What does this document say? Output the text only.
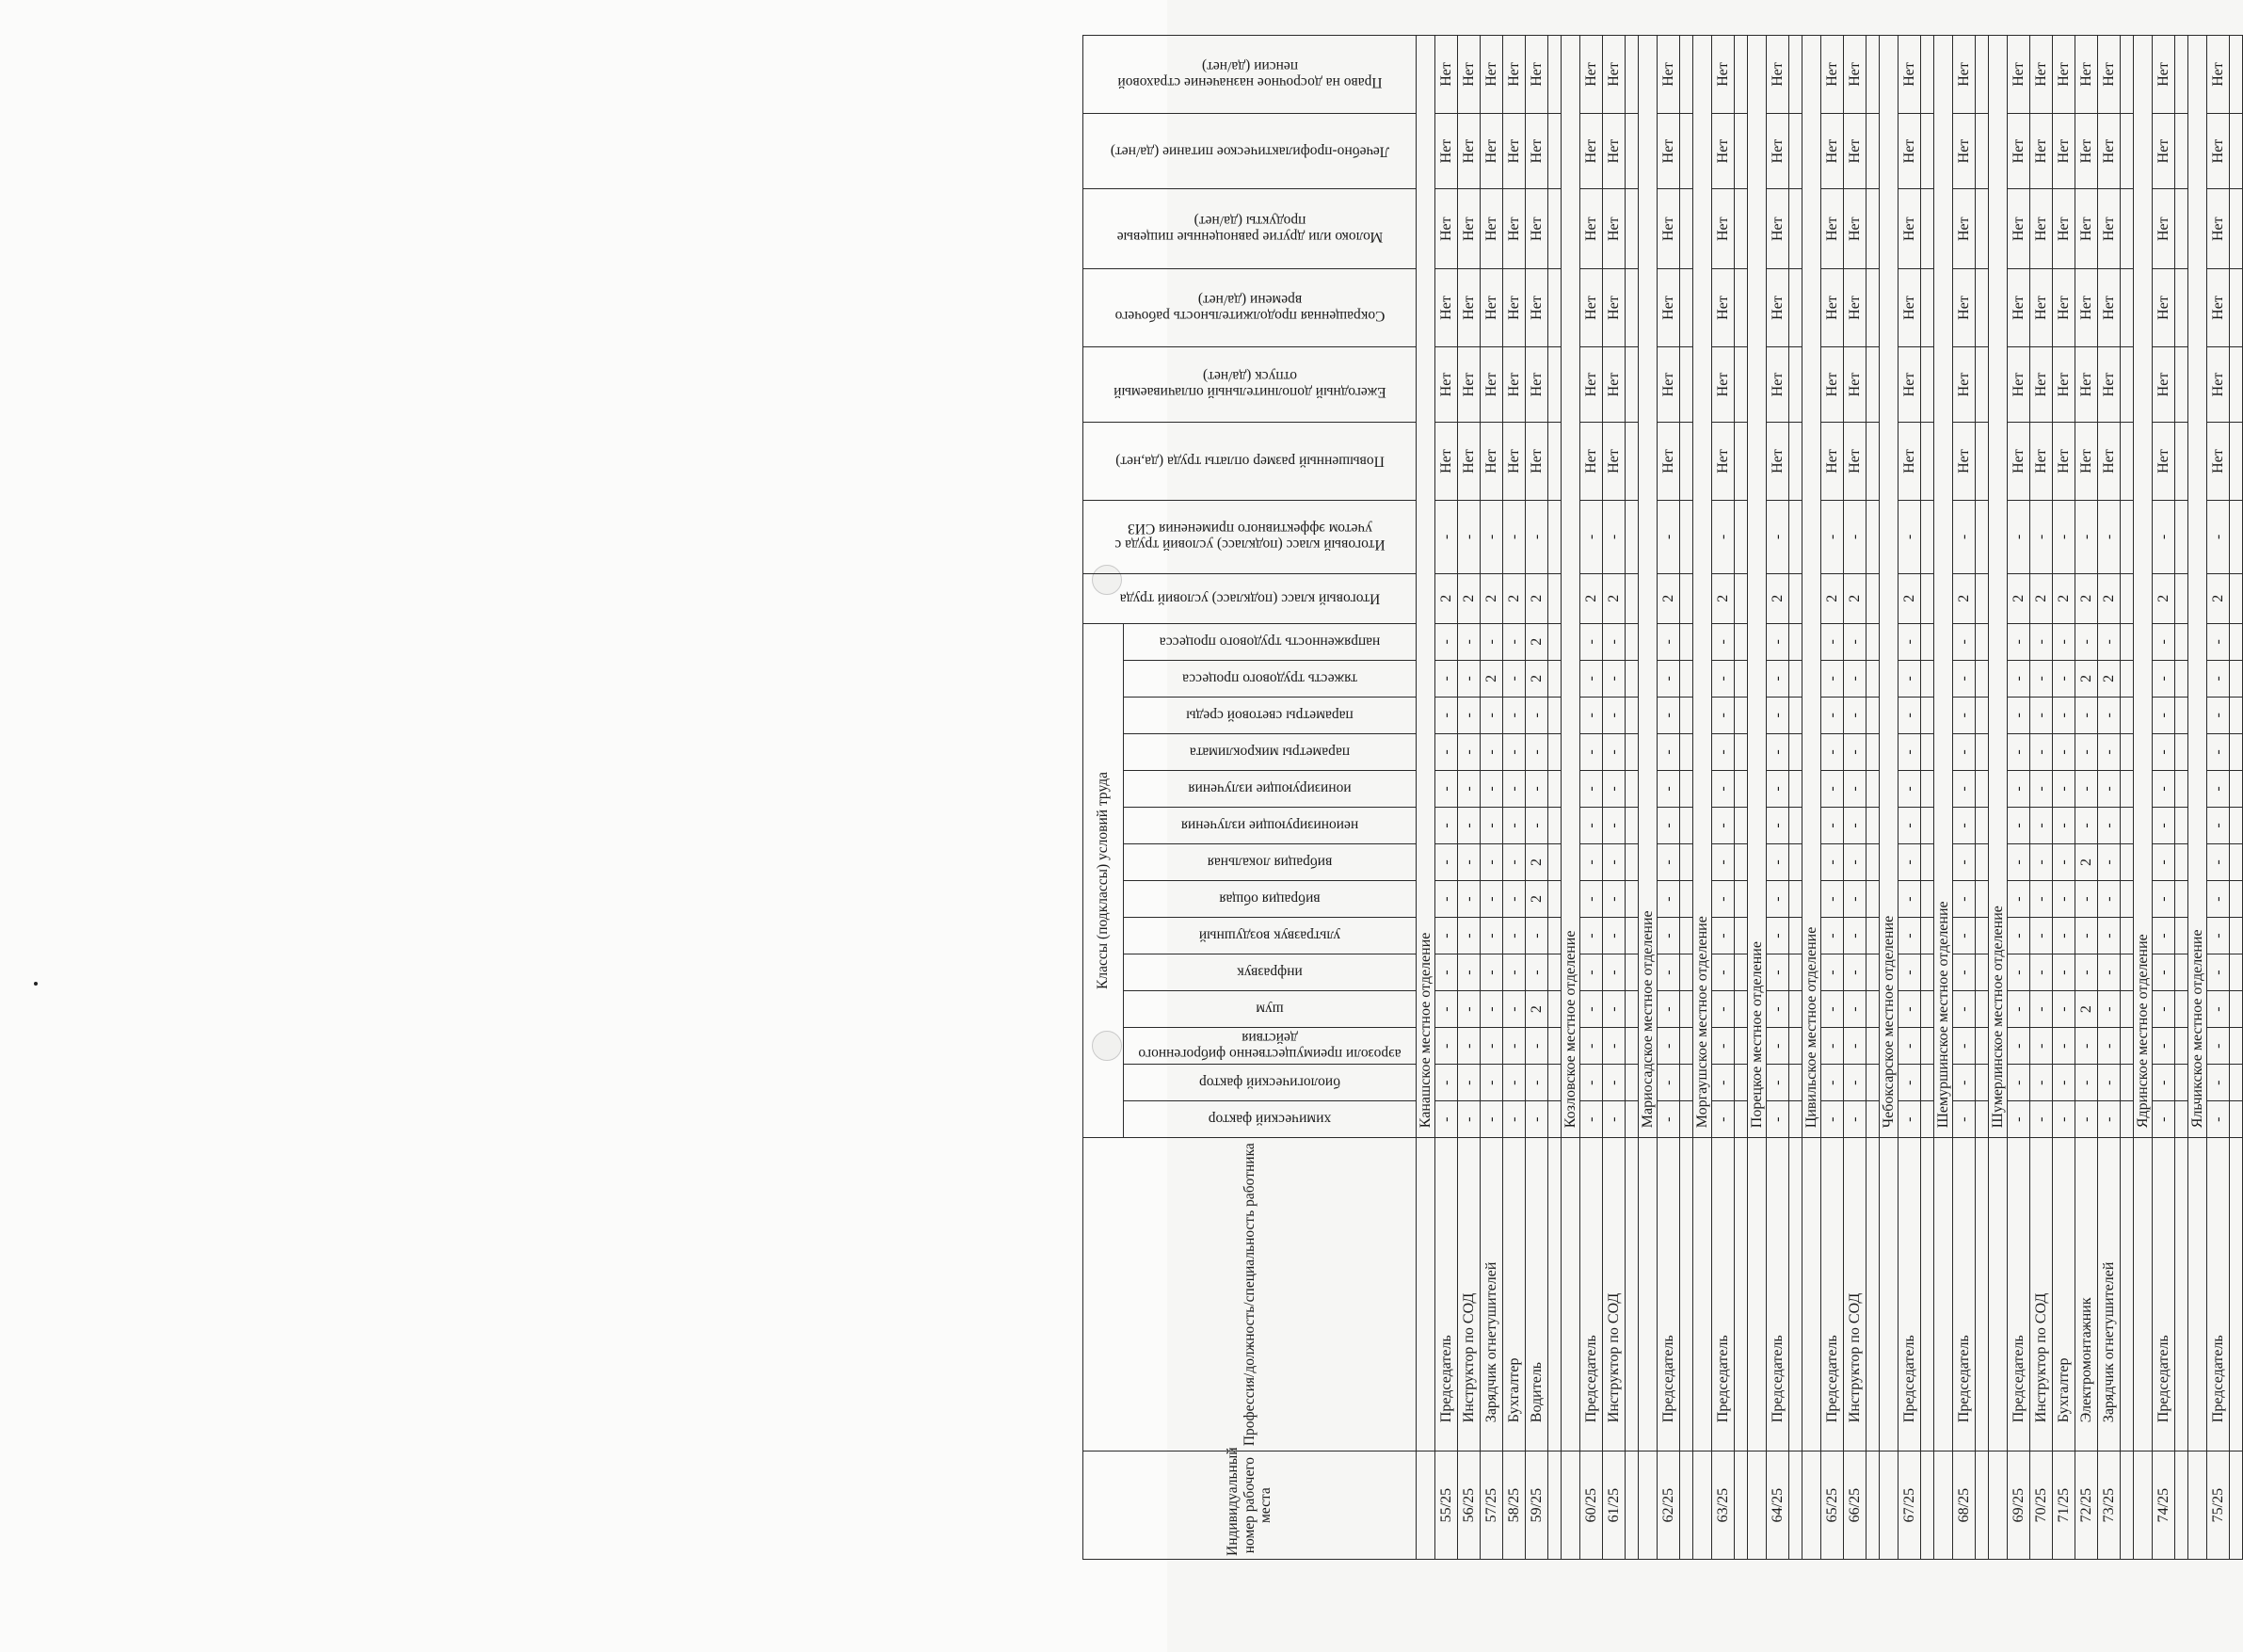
Индивидуальный номер рабочего места	Профессия/должность/специальность работника	Классы (подклассы) условий труда														Итоговый класс (подкласс) условий труда	Итоговый класс (подкласс) условий труда с учетом эффективного применения СИЗ	Повышенный размер оплаты труда (да,нет)	Ежегодный дополнительный оплачиваемый отпуск (да/нет)	Сокращенная продолжительность рабочего времени (да/нет)	Молоко или другие равноценные пищевые продукты (да/нет)	Лечебно-профилактическое питание (да/нет)	Право на досрочное назначение страховой пенсии (да/нет)

		химический фактор	биологический фактор	аэрозоли преимущественно фиброгенного действия	шум	инфразвук	ультразвук воздушный	вибрация общая	вибрация локальная	неионизирующие излучения	ионизирующие излучения	параметры микроклимата	параметры световой среды	тяжесть трудового процесса	напряженность трудового процесса								

		Канашское местное отделение																					
55/25	Председатель	-	-	-	-	-	-	-	-	-	-	-	-	-	-	2	-	Нет	Нет	Нет	Нет	Нет	Нет
56/25	Инструктор по СОД	-	-	-	-	-	-	-	-	-	-	-	-	-	-	2	-	Нет	Нет	Нет	Нет	Нет	Нет
57/25	Зарядчик огнетушителей	-	-	-	-	-	-	-	-	-	-	-	-	2	-	2	-	Нет	Нет	Нет	Нет	Нет	Нет
58/25	Бухгалтер	-	-	-	-	-	-	-	-	-	-	-	-	-	-	2	-	Нет	Нет	Нет	Нет	Нет	Нет
59/25	Водитель	-	-	-	2	-	-	2	2	-	-	-	-	2	2	2	-	Нет	Нет	Нет	Нет	Нет	Нет

		Козловское местное отделение																					
60/25	Председатель	-	-	-	-	-	-	-	-	-	-	-	-	-	-	2	-	Нет	Нет	Нет	Нет	Нет	Нет
61/25	Инструктор по СОД	-	-	-	-	-	-	-	-	-	-	-	-	-	-	2	-	Нет	Нет	Нет	Нет	Нет	Нет

		Мариосадское местное отделение																					
62/25	Председатель	-	-	-	-	-	-	-	-	-	-	-	-	-	-	2	-	Нет	Нет	Нет	Нет	Нет	Нет

		Моргаушское местное отделение																					
63/25	Председатель	-	-	-	-	-	-	-	-	-	-	-	-	-	-	2	-	Нет	Нет	Нет	Нет	Нет	Нет

		Порецкое местное отделение																					
64/25	Председатель	-	-	-	-	-	-	-	-	-	-	-	-	-	-	2	-	Нет	Нет	Нет	Нет	Нет	Нет

		Цивильское местное отделение																					
65/25	Председатель	-	-	-	-	-	-	-	-	-	-	-	-	-	-	2	-	Нет	Нет	Нет	Нет	Нет	Нет
66/25	Инструктор по СОД	-	-	-	-	-	-	-	-	-	-	-	-	-	-	2	-	Нет	Нет	Нет	Нет	Нет	Нет

		Чебоксарское местное отделение																					
67/25	Председатель	-	-	-	-	-	-	-	-	-	-	-	-	-	-	2	-	Нет	Нет	Нет	Нет	Нет	Нет

		Шемуршинское местное отделение																					
68/25	Председатель	-	-	-	-	-	-	-	-	-	-	-	-	-	-	2	-	Нет	Нет	Нет	Нет	Нет	Нет

		Шумерлинское местное отделение																					
69/25	Председатель	-	-	-	-	-	-	-	-	-	-	-	-	-	-	2	-	Нет	Нет	Нет	Нет	Нет	Нет
70/25	Инструктор по СОД	-	-	-	-	-	-	-	-	-	-	-	-	-	-	2	-	Нет	Нет	Нет	Нет	Нет	Нет
71/25	Бухгалтер	-	-	-	-	-	-	-	-	-	-	-	-	-	-	2	-	Нет	Нет	Нет	Нет	Нет	Нет
72/25	Электромонтажник	-	-	-	2	-	-	-	2	-	-	-	-	2	-	2	-	Нет	Нет	Нет	Нет	Нет	Нет
73/25	Зарядчик огнетушителей	-	-	-	-	-	-	-	-	-	-	-	-	2	-	2	-	Нет	Нет	Нет	Нет	Нет	Нет

		Ядринское местное отделение																					
74/25	Председатель	-	-	-	-	-	-	-	-	-	-	-	-	-	-	2	-	Нет	Нет	Нет	Нет	Нет	Нет

		Яльчикское местное отделение																					
75/25	Председатель	-	-	-	-	-	-	-	-	-	-	-	-	-	-	2	-	Нет	Нет	Нет	Нет	Нет	Нет
